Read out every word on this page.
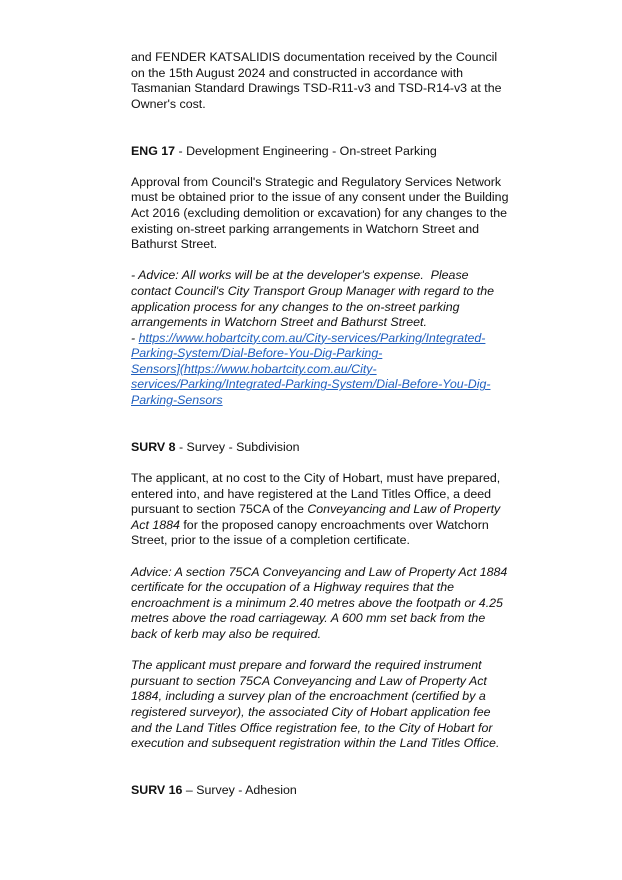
and FENDER KATSALIDIS documentation received by the Council
on the 15th August 2024 and constructed in accordance with
Tasmanian Standard Drawings TSD-R11-v3 and TSD-R14-v3 at the
Owner's cost.

ENG 17 - Development Engineering - On-street Parking

Approval from Council's Strategic and Regulatory Services Network
must be obtained prior to the issue of any consent under the Building
Act 2016 (excluding demolition or excavation) for any changes to the
existing on-street parking arrangements in Watchorn Street and
Bathurst Street.

- Advice: All works will be at the developer's expense.  Please
contact Council's City Transport Group Manager with regard to the
application process for any changes to the on-street parking
arrangements in Watchorn Street and Bathurst Street.
- https://www.hobartcity.com.au/City-services/Parking/Integrated-
Parking-System/Dial-Before-You-Dig-Parking-
Sensors](https://www.hobartcity.com.au/City-
services/Parking/Integrated-Parking-System/Dial-Before-You-Dig-
Parking-Sensors

SURV 8 - Survey - Subdivision

The applicant, at no cost to the City of Hobart, must have prepared,
entered into, and have registered at the Land Titles Office, a deed
pursuant to section 75CA of the Conveyancing and Law of Property
Act 1884 for the proposed canopy encroachments over Watchorn
Street, prior to the issue of a completion certificate.

Advice: A section 75CA Conveyancing and Law of Property Act 1884
certificate for the occupation of a Highway requires that the
encroachment is a minimum 2.40 metres above the footpath or 4.25
metres above the road carriageway. A 600 mm set back from the
back of kerb may also be required.

The applicant must prepare and forward the required instrument
pursuant to section 75CA Conveyancing and Law of Property Act
1884, including a survey plan of the encroachment (certified by a
registered surveyor), the associated City of Hobart application fee
and the Land Titles Office registration fee, to the City of Hobart for
execution and subsequent registration within the Land Titles Office.

SURV 16 – Survey - Adhesion
